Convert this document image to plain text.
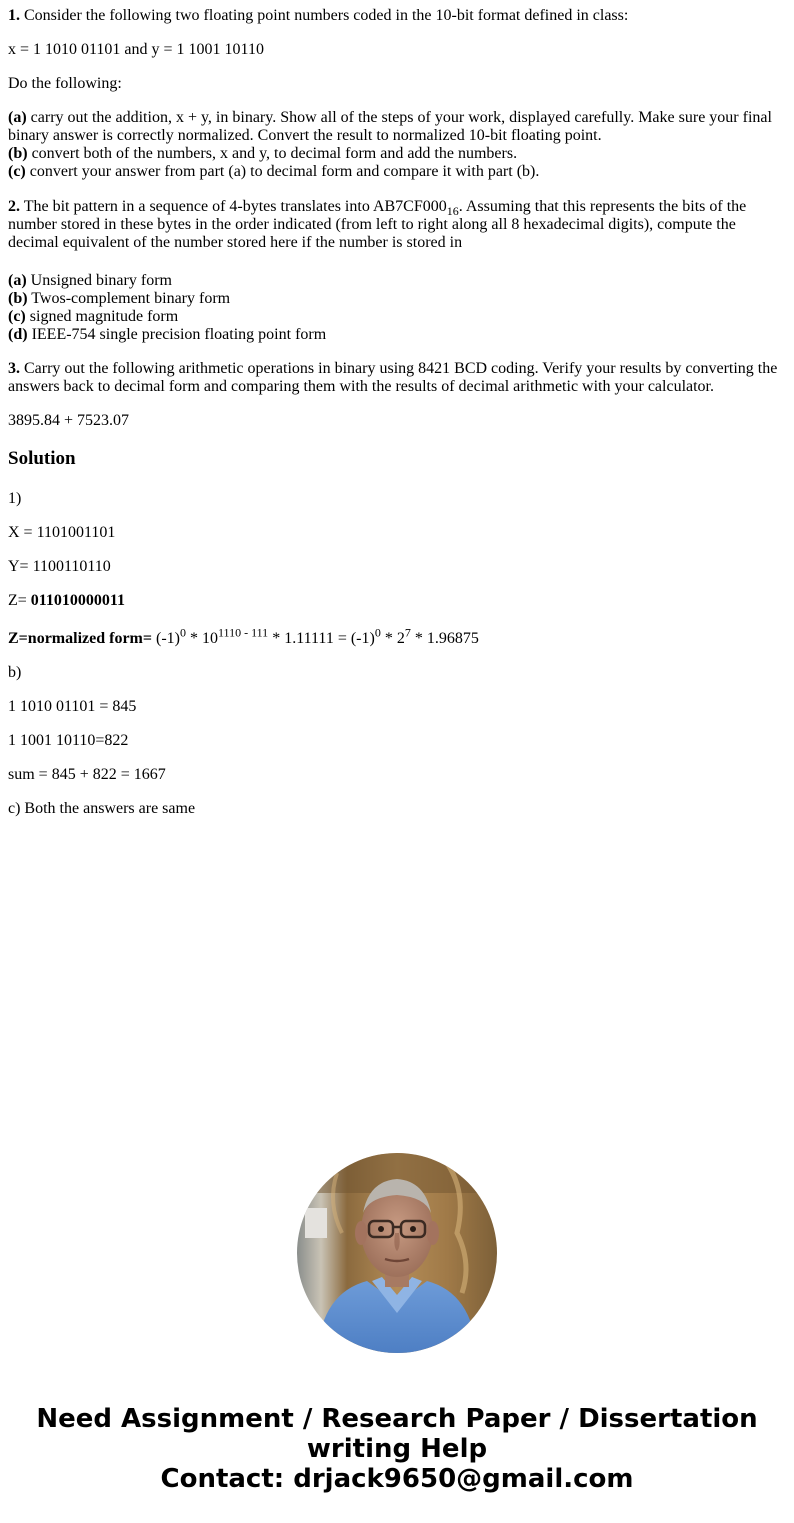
1. Consider the following two floating point numbers coded in the 10-bit format defined in class:

x = 1 1010 01101 and y = 1 1001 10110

Do the following:

(a) carry out the addition, x + y, in binary. Show all of the steps of your work, displayed carefully. Make sure your final binary answer is correctly normalized. Convert the result to normalized 10-bit floating point.

(b) convert both of the numbers, x and y, to decimal form and add the numbers.

(c) convert your answer from part (a) to decimal form and compare it with part (b).

2. The bit pattern in a sequence of 4-bytes translates into $AB7CF000_{16}$. Assuming that this represents the bits of the number stored in these bytes in the order indicated (from left to right along all 8 hexadecimal digits), compute the decimal equivalent of the number stored here if the number is stored in

(a) Unsigned binary form

(b) Twos-complement binary form

(c) signed magnitude form

(d) IEEE-754 single precision floating point form

3. Carry out the following arithmetic operations in binary using 8421 BCD coding. Verify your results by converting the answers back to decimal form and comparing them with the results of decimal arithmetic with your calculator.

3895.84 + 7523.07

Solution

1)

X = 1101001101

Y= 1100110110

Z= 011010000011

Z=normalized form= $(-1)^0 * 10^{1110 - 111} * 1.11111 = (-1)^0 * 2^7 * 1.96875$

b)

1 1010 01101 = 845

1 1001 10110=822

sum = 845 + 822 = 1667

c) Both the answers are same

Need Assignment / Research Paper / Dissertation
writing Help
Contact: drjack9650@gmail.com
